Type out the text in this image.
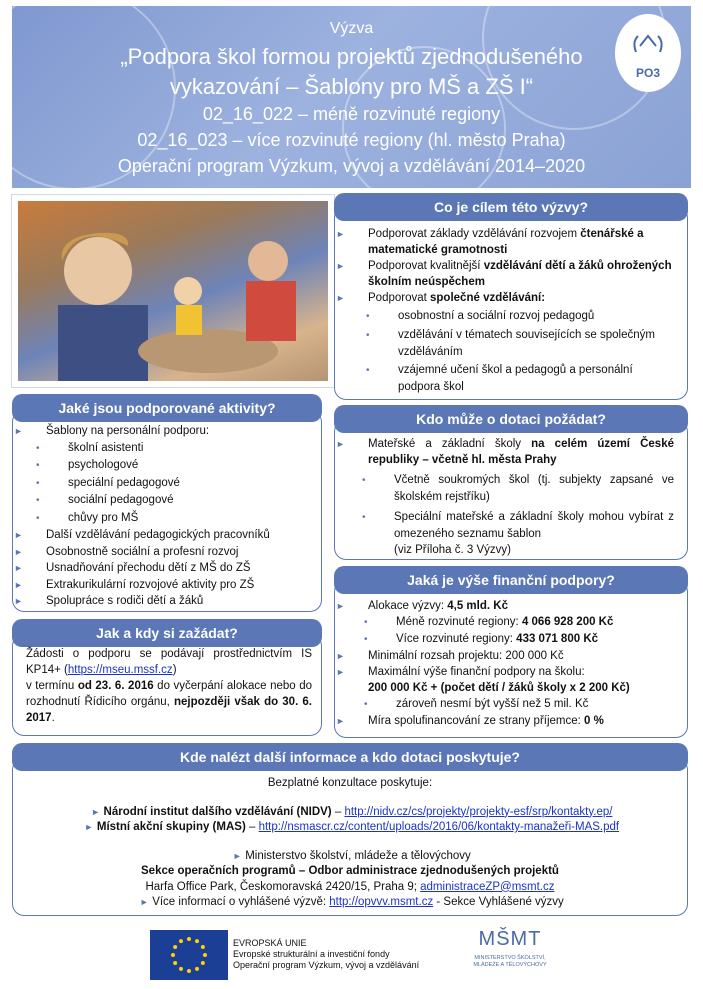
Výzva
„Podpora škol formou projektů zjednodušeného
vykazování – Šablony pro MŠ a ZŠ I“
02_16_022 – méně rozvinuté regiony
02_16_023 – více rozvinuté regiony (hl. město Praha)
Operační program Výzkum, vývoj a vzdělávání 2014–2020
PO3
Co je cílem této výzvy?
► Podporovat základy vzdělávání rozvojem čtenářské a matematické gramotnosti
► Podporovat kvalitnější vzdělávání dětí a žáků ohrožených školním neúspěchem
► Podporovat společné vzdělávání:
• osobnostní a sociální rozvoj pedagogů
• vzdělávání v tématech souvisejících se společným vzděláváním
• vzájemné učení škol a pedagogů a personální podpora škol
Jaké jsou podporované aktivity?
► Šablony na personální podporu:
• školní asistenti
• psychologové
• speciální pedagogové
• sociální pedagogové
• chůvy pro MŠ
► Další vzdělávání pedagogických pracovníků
► Osobnostně sociální a profesní rozvoj
► Usnadňování přechodu dětí z MŠ do ZŠ
► Extrakurikulární rozvojové aktivity pro ZŠ
► Spolupráce s rodiči dětí a žáků
Kdo může o dotaci požádat?
► Mateřské a základní školy na celém území České republiky – včetně hl. města Prahy
• Včetně soukromých škol (tj. subjekty zapsané ve školském rejstříku)
• Speciální mateřské a základní školy mohou vybírat z omezeného seznamu šablon
(viz Příloha č. 3 Výzvy)
Jaká je výše finanční podpory?
► Alokace výzvy: 4,5 mld. Kč
• Méně rozvinuté regiony: 4 066 928 200 Kč
• Více rozvinuté regiony: 433 071 800 Kč
► Minimální rozsah projektu: 200 000 Kč
► Maximální výše finanční podpory na školu:
200 000 Kč + (počet dětí / žáků školy x 2 200 Kč)
• zároveň nesmí být vyšší než 5 mil. Kč
► Míra spolufinancování ze strany příjemce: 0 %
Jak a kdy si zažádat?
Žádosti o podporu se podávají prostřednictvím IS KP14+ (https://mseu.mssf.cz)
v termínu od 23. 6. 2016 do vyčerpání alokace nebo do rozhodnutí Řídicího orgánu, nejpozději však do 30. 6. 2017.
Kde nalézt další informace a kdo dotaci poskytuje?
Bezplatné konzultace poskytuje:
► Národní institut dalšího vzdělávání (NIDV) – http://nidv.cz/cs/projekty/projekty-esf/srp/kontakty.ep/
► Místní akční skupiny (MAS) – http://nsmascr.cz/content/uploads/2016/06/kontakty-manažeři-MAS.pdf
► Ministerstvo školství, mládeže a tělovýchovy
Sekce operačních programů – Odbor administrace zjednodušených projektů
Harfa Office Park, Českomoravská 2420/15, Praha 9; administraceZP@msmt.cz
► Více informací o vyhlášené výzvě: http://opvvv.msmt.cz - Sekce Vyhlášené výzvy
EVROPSKÁ UNIE
Evropské strukturální a investiční fondy
Operační program Výzkum, vývoj a vzdělávání
MŠMT
MINISTERSTVO ŠKOLSTVÍ, MLÁDEŽE A TĚLOVÝCHOVY
